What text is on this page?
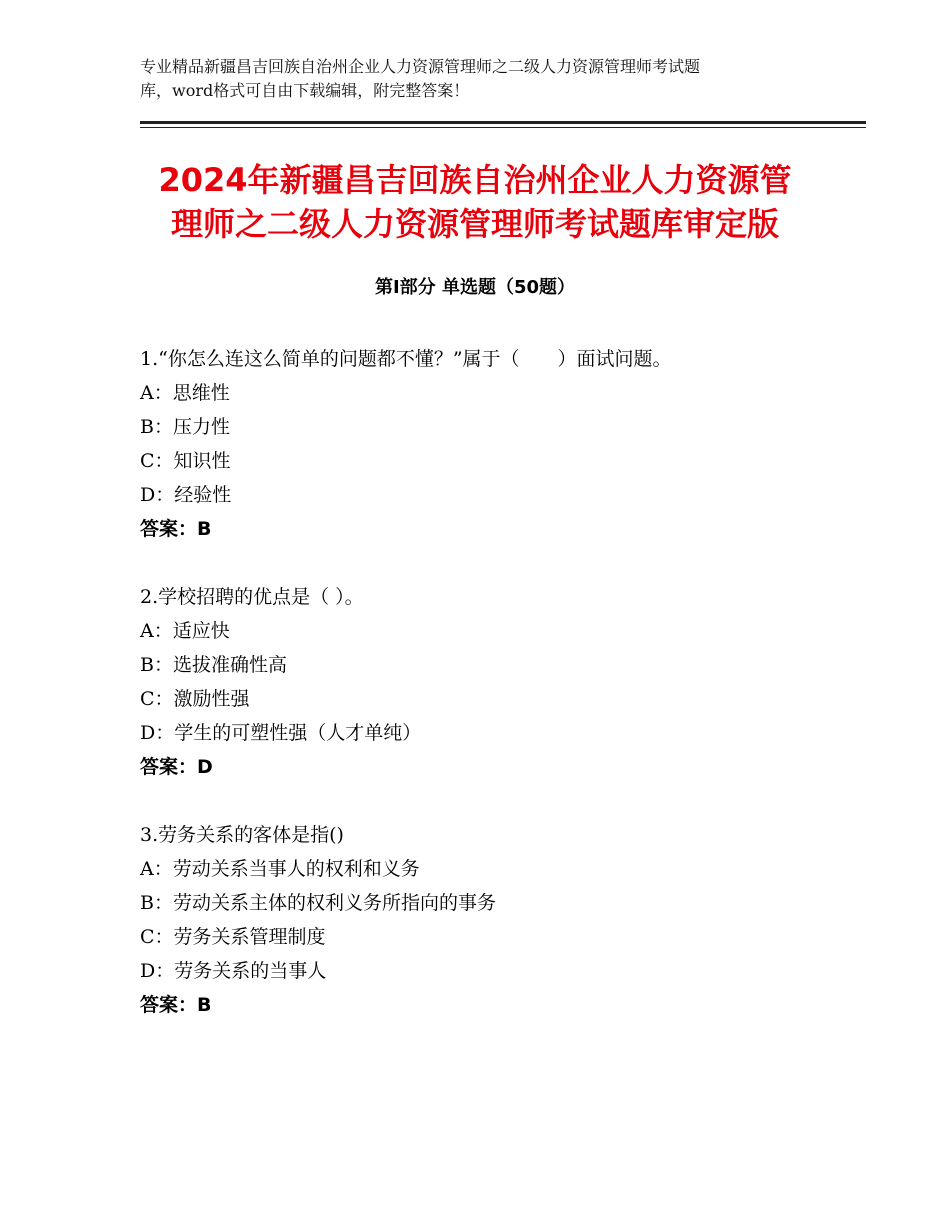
专业精品新疆昌吉回族自治州企业人力资源管理师之二级人力资源管理师考试题
库，word格式可自由下载编辑，附完整答案！
2024年新疆昌吉回族自治州企业人力资源管
理师之二级人力资源管理师考试题库审定版
第Ⅰ部分 单选题（50题）
1.“你怎么连这么简单的问题都不懂？”属于（　　）面试问题。
A：思维性
B：压力性
C：知识性
D：经验性
答案：B
2.学校招聘的优点是（ ）。
A：适应快
B：选拔准确性高
C：激励性强
D：学生的可塑性强（人才单纯）
答案：D
3.劳务关系的客体是指()
A：劳动关系当事人的权利和义务
B：劳动关系主体的权利义务所指向的事务
C：劳务关系管理制度
D：劳务关系的当事人
答案：B
